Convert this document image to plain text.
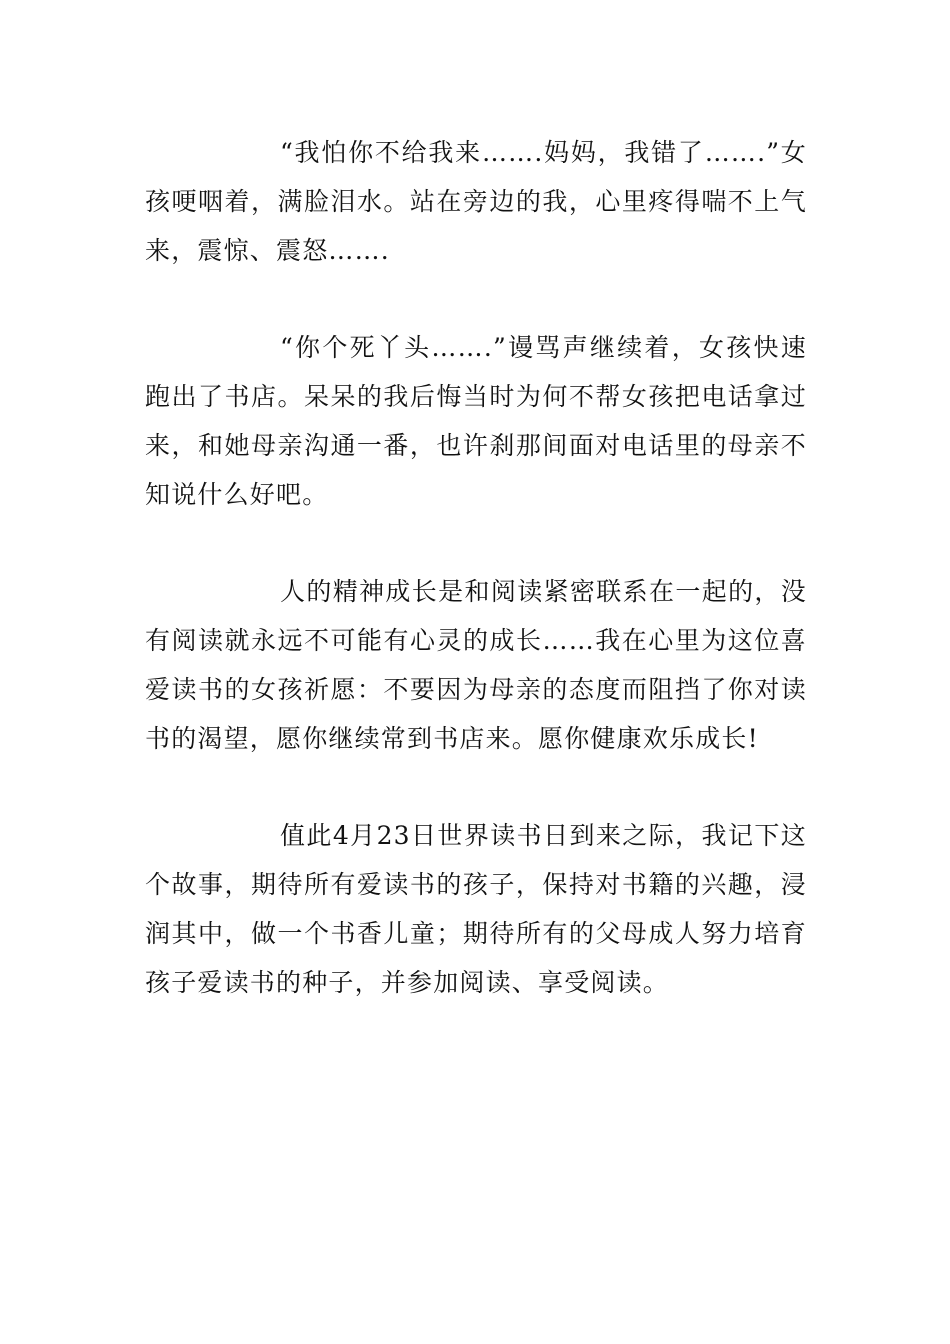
“我怕你不给我来…….妈妈，我错了…….”女孩哽咽着，满脸泪水。站在旁边的我，心里疼得喘不上气来，震惊、震怒…….

“你个死丫头…….”谩骂声继续着，女孩快速跑出了书店。呆呆的我后悔当时为何不帮女孩把电话拿过来，和她母亲沟通一番，也许刹那间面对电话里的母亲不知说什么好吧。

人的精神成长是和阅读紧密联系在一起的，没有阅读就永远不可能有心灵的成长……我在心里为这位喜爱读书的女孩祈愿：不要因为母亲的态度而阻挡了你对读书的渴望，愿你继续常到书店来。愿你健康欢乐成长!

值此4月23日世界读书日到来之际，我记下这个故事，期待所有爱读书的孩子，保持对书籍的兴趣，浸润其中，做一个书香儿童；期待所有的父母成人努力培育孩子爱读书的种子，并参加阅读、享受阅读。
